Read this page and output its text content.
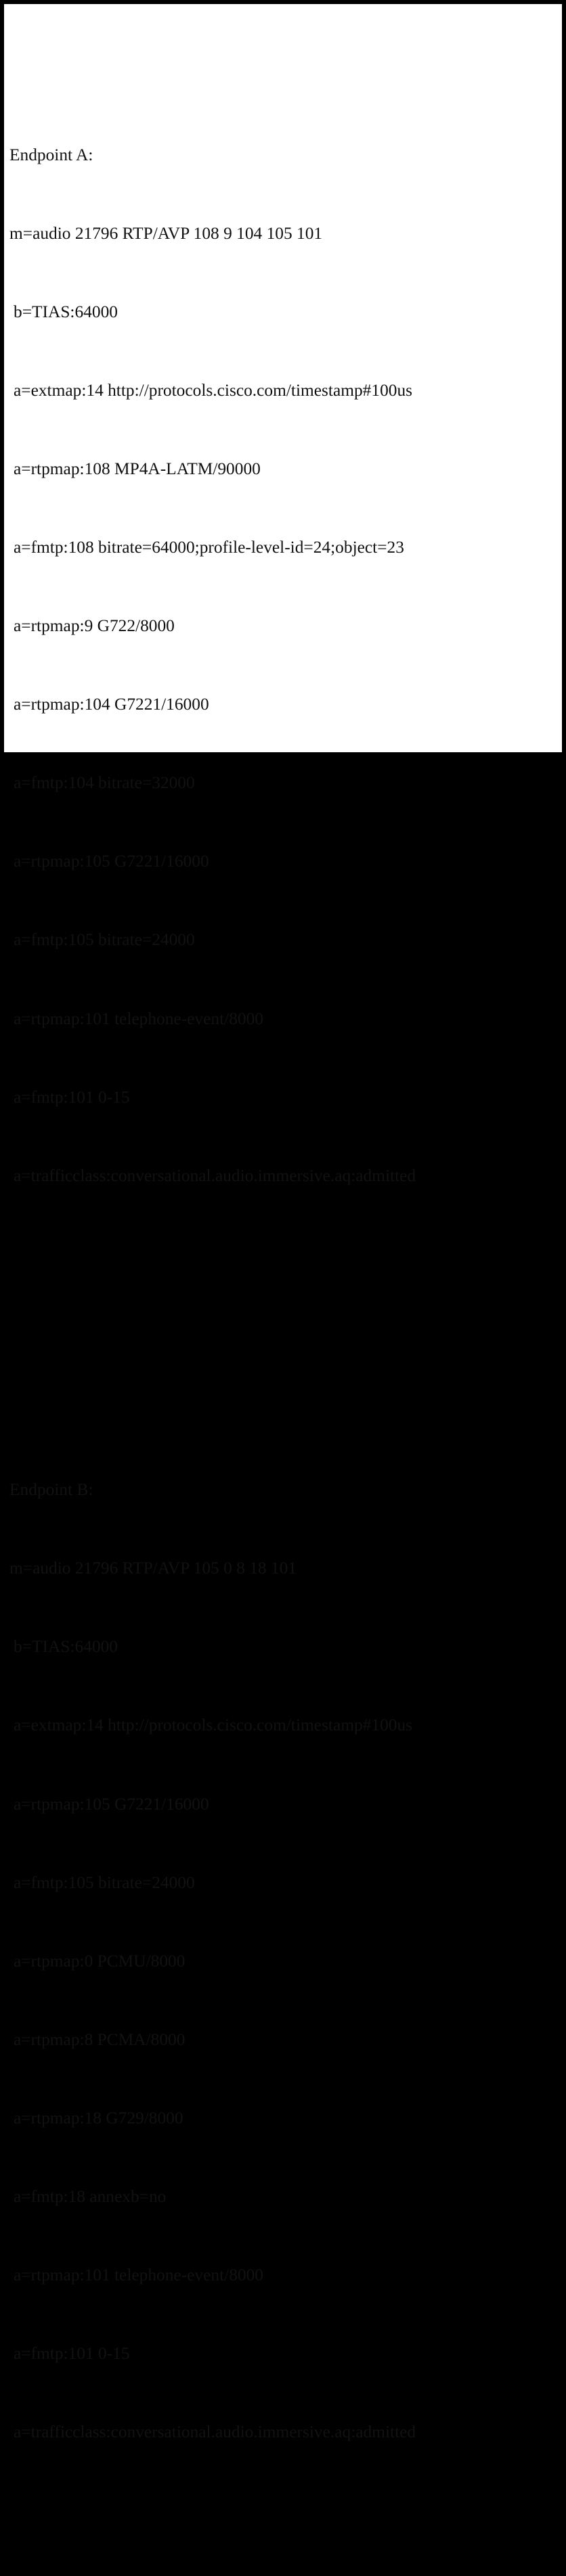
Endpoint A:

m=audio 21796 RTP/AVP 108 9 104 105 101

b=TIAS:64000

a=extmap:14 http://protocols.cisco.com/timestamp#100us

a=rtpmap:108 MP4A-LATM/90000

a=fmtp:108 bitrate=64000;profile-level-id=24;object=23

a=rtpmap:9 G722/8000

a=rtpmap:104 G7221/16000

a=fmtp:104 bitrate=32000

a=rtpmap:105 G7221/16000

a=fmtp:105 bitrate=24000

a=rtpmap:101 telephone-event/8000

a=fmtp:101 0-15

a=trafficclass:conversational.audio.immersive.aq:admitted

Endpoint B:

m=audio 21796 RTP/AVP 105 0 8 18 101

b=TIAS:64000

a=extmap:14 http://protocols.cisco.com/timestamp#100us

a=rtpmap:105 G7221/16000

a=fmtp:105 bitrate=24000

a=rtpmap:0 PCMU/8000

a=rtpmap:8 PCMA/8000

a=rtpmap:18 G729/8000

a=fmtp:18 annexb=no

a=rtpmap:101 telephone-event/8000

a=fmtp:101 0-15

a=trafficclass:conversational.audio.immersive.aq:admitted
